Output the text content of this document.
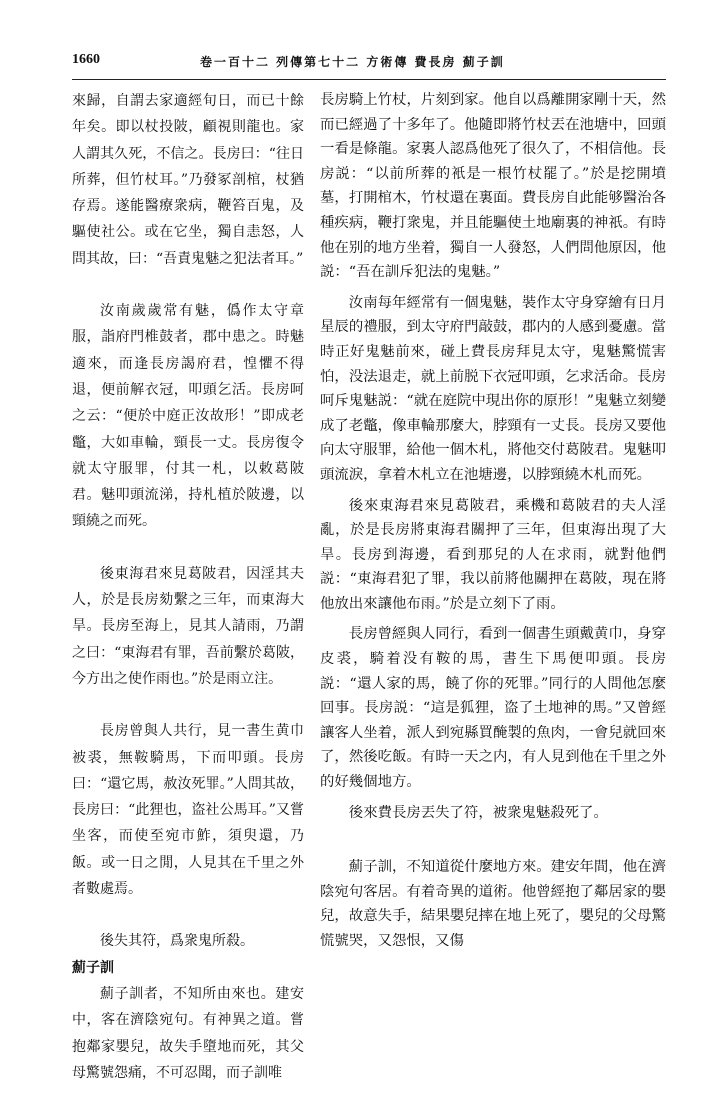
1660	卷一百十二 列傳第七十二 方術傳 費長房 薊子訓

來歸，自謂去家適經旬日，而已十餘年矣。即以杖投陂，顧視則龍也。家人謂其久死，不信之。長房曰：“往日所葬，但竹杖耳。”乃發冢剖棺，杖猶存焉。遂能醫療衆病，鞭笞百鬼，及驅使社公。或在它坐，獨自恚怒，人問其故，曰：“吾責鬼魅之犯法者耳。”

汝南歲歲常有魅，僞作太守章服，詣府門椎鼓者，郡中患之。時魅適來，而逢長房謁府君，惶懼不得退，便前解衣冠，叩頭乞活。長房呵之云：“便於中庭正汝故形！”即成老鼈，大如車輪，頸長一丈。長房復令就太守服罪，付其一札，以敕葛陂君。魅叩頭流涕，持札植於陂邊，以頸繞之而死。

後東海君來見葛陂君，因淫其夫人，於是長房劾繫之三年，而東海大旱。長房至海上，見其人請雨，乃謂之曰：“東海君有罪，吾前繫於葛陂，今方出之使作雨也。”於是雨立注。

長房曾與人共行，見一書生黄巾被裘，無鞍騎馬，下而叩頭。長房曰：“還它馬，赦汝死罪。”人問其故，長房曰：“此狸也，盗社公馬耳。”又嘗坐客，而使至宛市鮓，須臾還，乃飯。或一日之閒，人見其在千里之外者數處焉。

後失其符，爲衆鬼所殺。

薊子訓

薊子訓者，不知所由來也。建安中，客在濟陰宛句。有神異之道。嘗抱鄰家嬰兒，故失手墮地而死，其父母驚號怨痛，不可忍聞，而子訓唯

長房騎上竹杖，片刻到家。他自以爲離開家剛十天，然而已經過了十多年了。他隨即將竹杖丟在池塘中，回頭一看是條龍。家裏人認爲他死了很久了，不相信他。長房説：“以前所葬的衹是一根竹杖罷了。”於是挖開墳墓，打開棺木，竹杖還在裏面。費長房自此能够醫治各種疾病，鞭打衆鬼，并且能驅使土地廟裏的神祇。有時他在别的地方坐着，獨自一人發怒，人們問他原因，他説：“吾在訓斥犯法的鬼魅。”

汝南每年經常有一個鬼魅，裝作太守身穿繪有日月星辰的禮服，到太守府門敲鼓，郡内的人感到憂慮。當時正好鬼魅前來，碰上費長房拜見太守，鬼魅驚慌害怕，没法退走，就上前脱下衣冠叩頭，乞求活命。長房呵斥鬼魅説：“就在庭院中現出你的原形！”鬼魅立刻變成了老鼈，像車輪那麼大，脖頸有一丈長。長房又要他向太守服罪，給他一個木札，將他交付葛陂君。鬼魅叩頭流淚，拿着木札立在池塘邊，以脖頸繞木札而死。

後來東海君來見葛陂君，乘機和葛陂君的夫人淫亂，於是長房將東海君關押了三年，但東海出現了大旱。長房到海邊，看到那兒的人在求雨，就對他們説：“東海君犯了罪，我以前將他關押在葛陂，現在將他放出來讓他布雨。”於是立刻下了雨。

長房曾經與人同行，看到一個書生頭戴黄巾，身穿皮裘，騎着没有鞍的馬，書生下馬便叩頭。長房説：“還人家的馬，饒了你的死罪。”同行的人問他怎麼回事。長房説：“這是狐狸，盗了土地神的馬。”又曾經讓客人坐着，派人到宛縣買醃製的魚肉，一會兒就回來了，然後吃飯。有時一天之内，有人見到他在千里之外的好幾個地方。

後來費長房丟失了符，被衆鬼魅殺死了。

薊子訓，不知道從什麼地方來。建安年間，他在濟陰宛句客居。有着奇異的道術。他曾經抱了鄰居家的嬰兒，故意失手，結果嬰兒摔在地上死了，嬰兒的父母驚慌號哭，又怨恨，又傷
